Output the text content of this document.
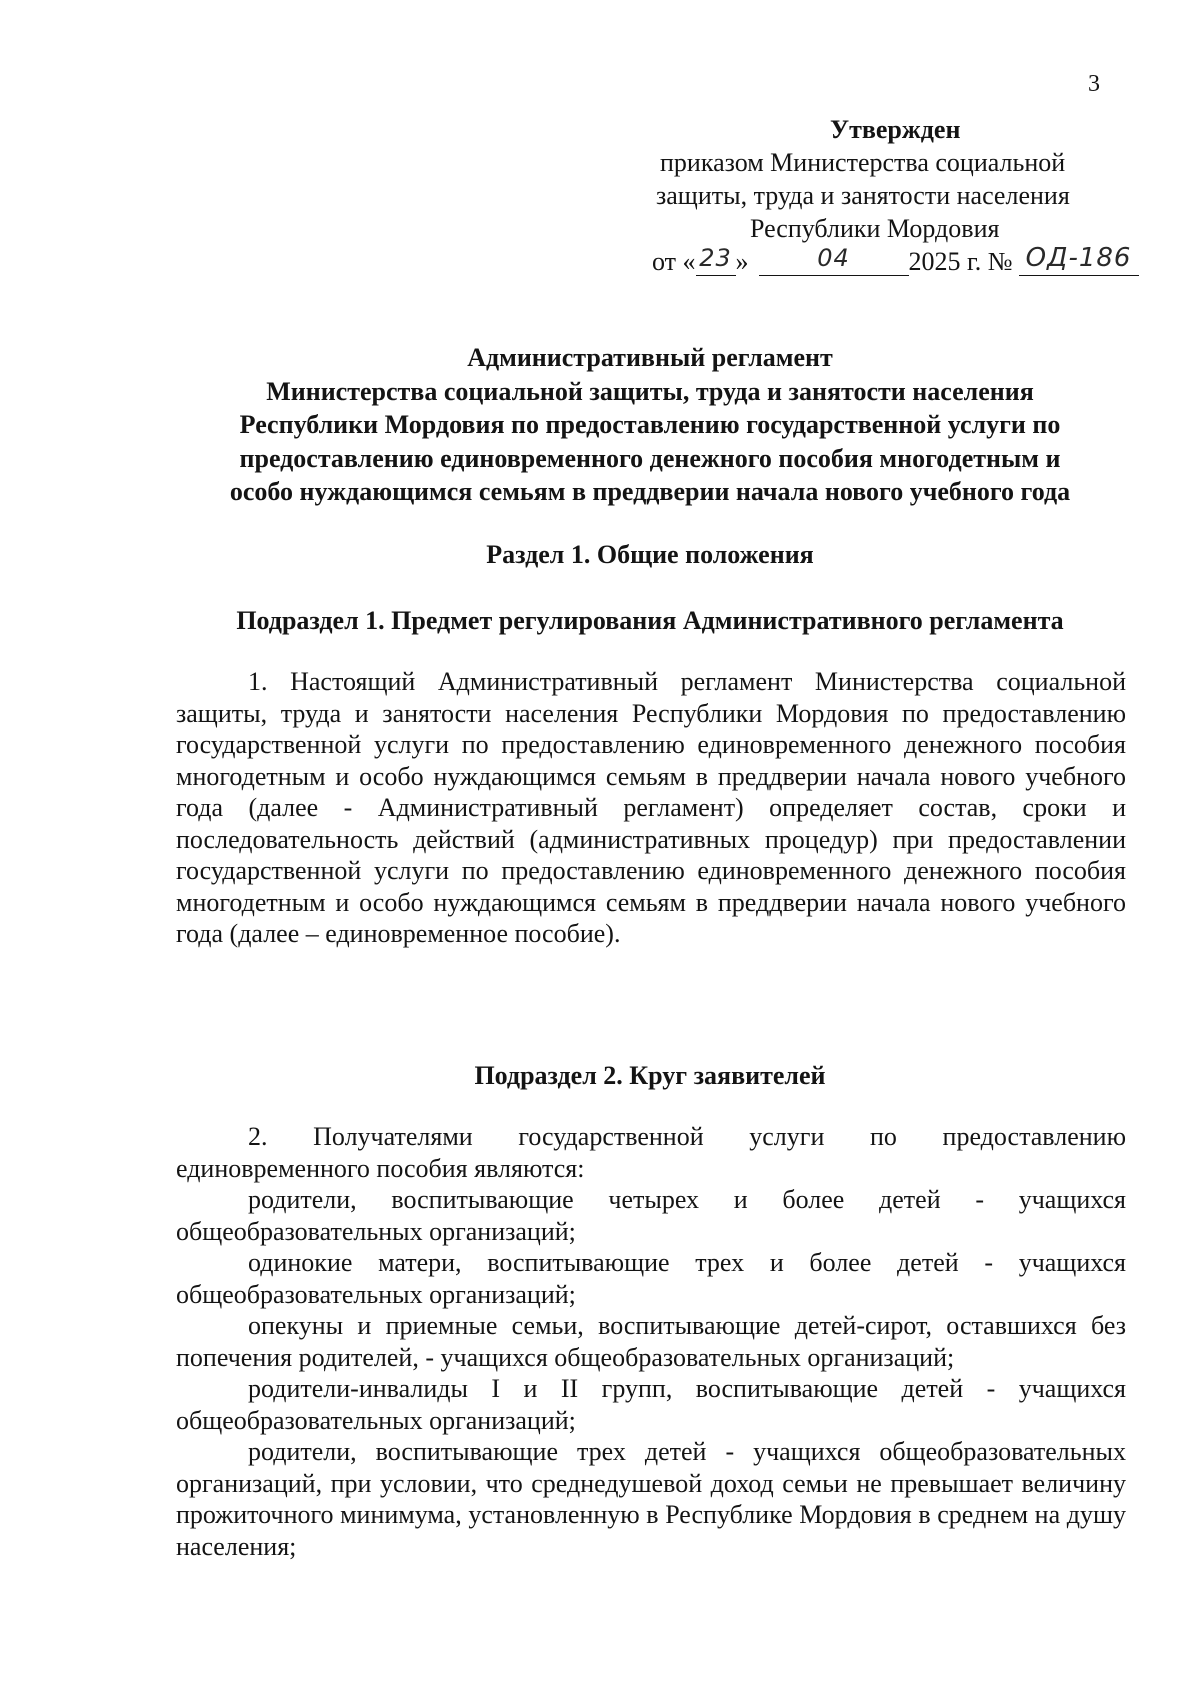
3
Утвержден
приказом Министерства социальной
защиты, труда и занятости населения
Республики Мордовия
от « 23 »	04 2025 г. № ОД-186
Административный регламент
Министерства социальной защиты, труда и занятости населения
Республики Мордовия по предоставлению государственной услуги по
предоставлению единовременного денежного пособия многодетным и
особо нуждающимся семьям в преддверии начала нового учебного года
Раздел 1. Общие положения
Подраздел 1. Предмет регулирования Административного регламента

1. Настоящий Административный регламент Министерства социальной защиты, труда и занятости населения Республики Мордовия по предоставлению государственной услуги по предоставлению единовременного денежного пособия многодетным и особо нуждающимся семьям в преддверии начала нового учебного года (далее - Административный регламент) определяет состав, сроки и последовательность действий (административных процедур) при предоставлении государственной услуги по предоставлению единовременного денежного пособия многодетным и особо нуждающимся семьям в преддверии начала нового учебного года (далее – единовременное пособие).

Подраздел 2. Круг заявителей

2. Получателями государственной услуги по предоставлению единовременного пособия являются:

родители, воспитывающие четырех и более детей - учащихся общеобразовательных организаций;

одинокие матери, воспитывающие трех и более детей - учащихся общеобразовательных организаций;

опекуны и приемные семьи, воспитывающие детей-сирот, оставшихся без попечения родителей, - учащихся общеобразовательных организаций;

родители-инвалиды I и II групп, воспитывающие детей - учащихся общеобразовательных организаций;

родители, воспитывающие трех детей - учащихся общеобразовательных организаций, при условии, что среднедушевой доход семьи не превышает величину прожиточного минимума, установленную в Республике Мордовия в среднем на душу населения;
